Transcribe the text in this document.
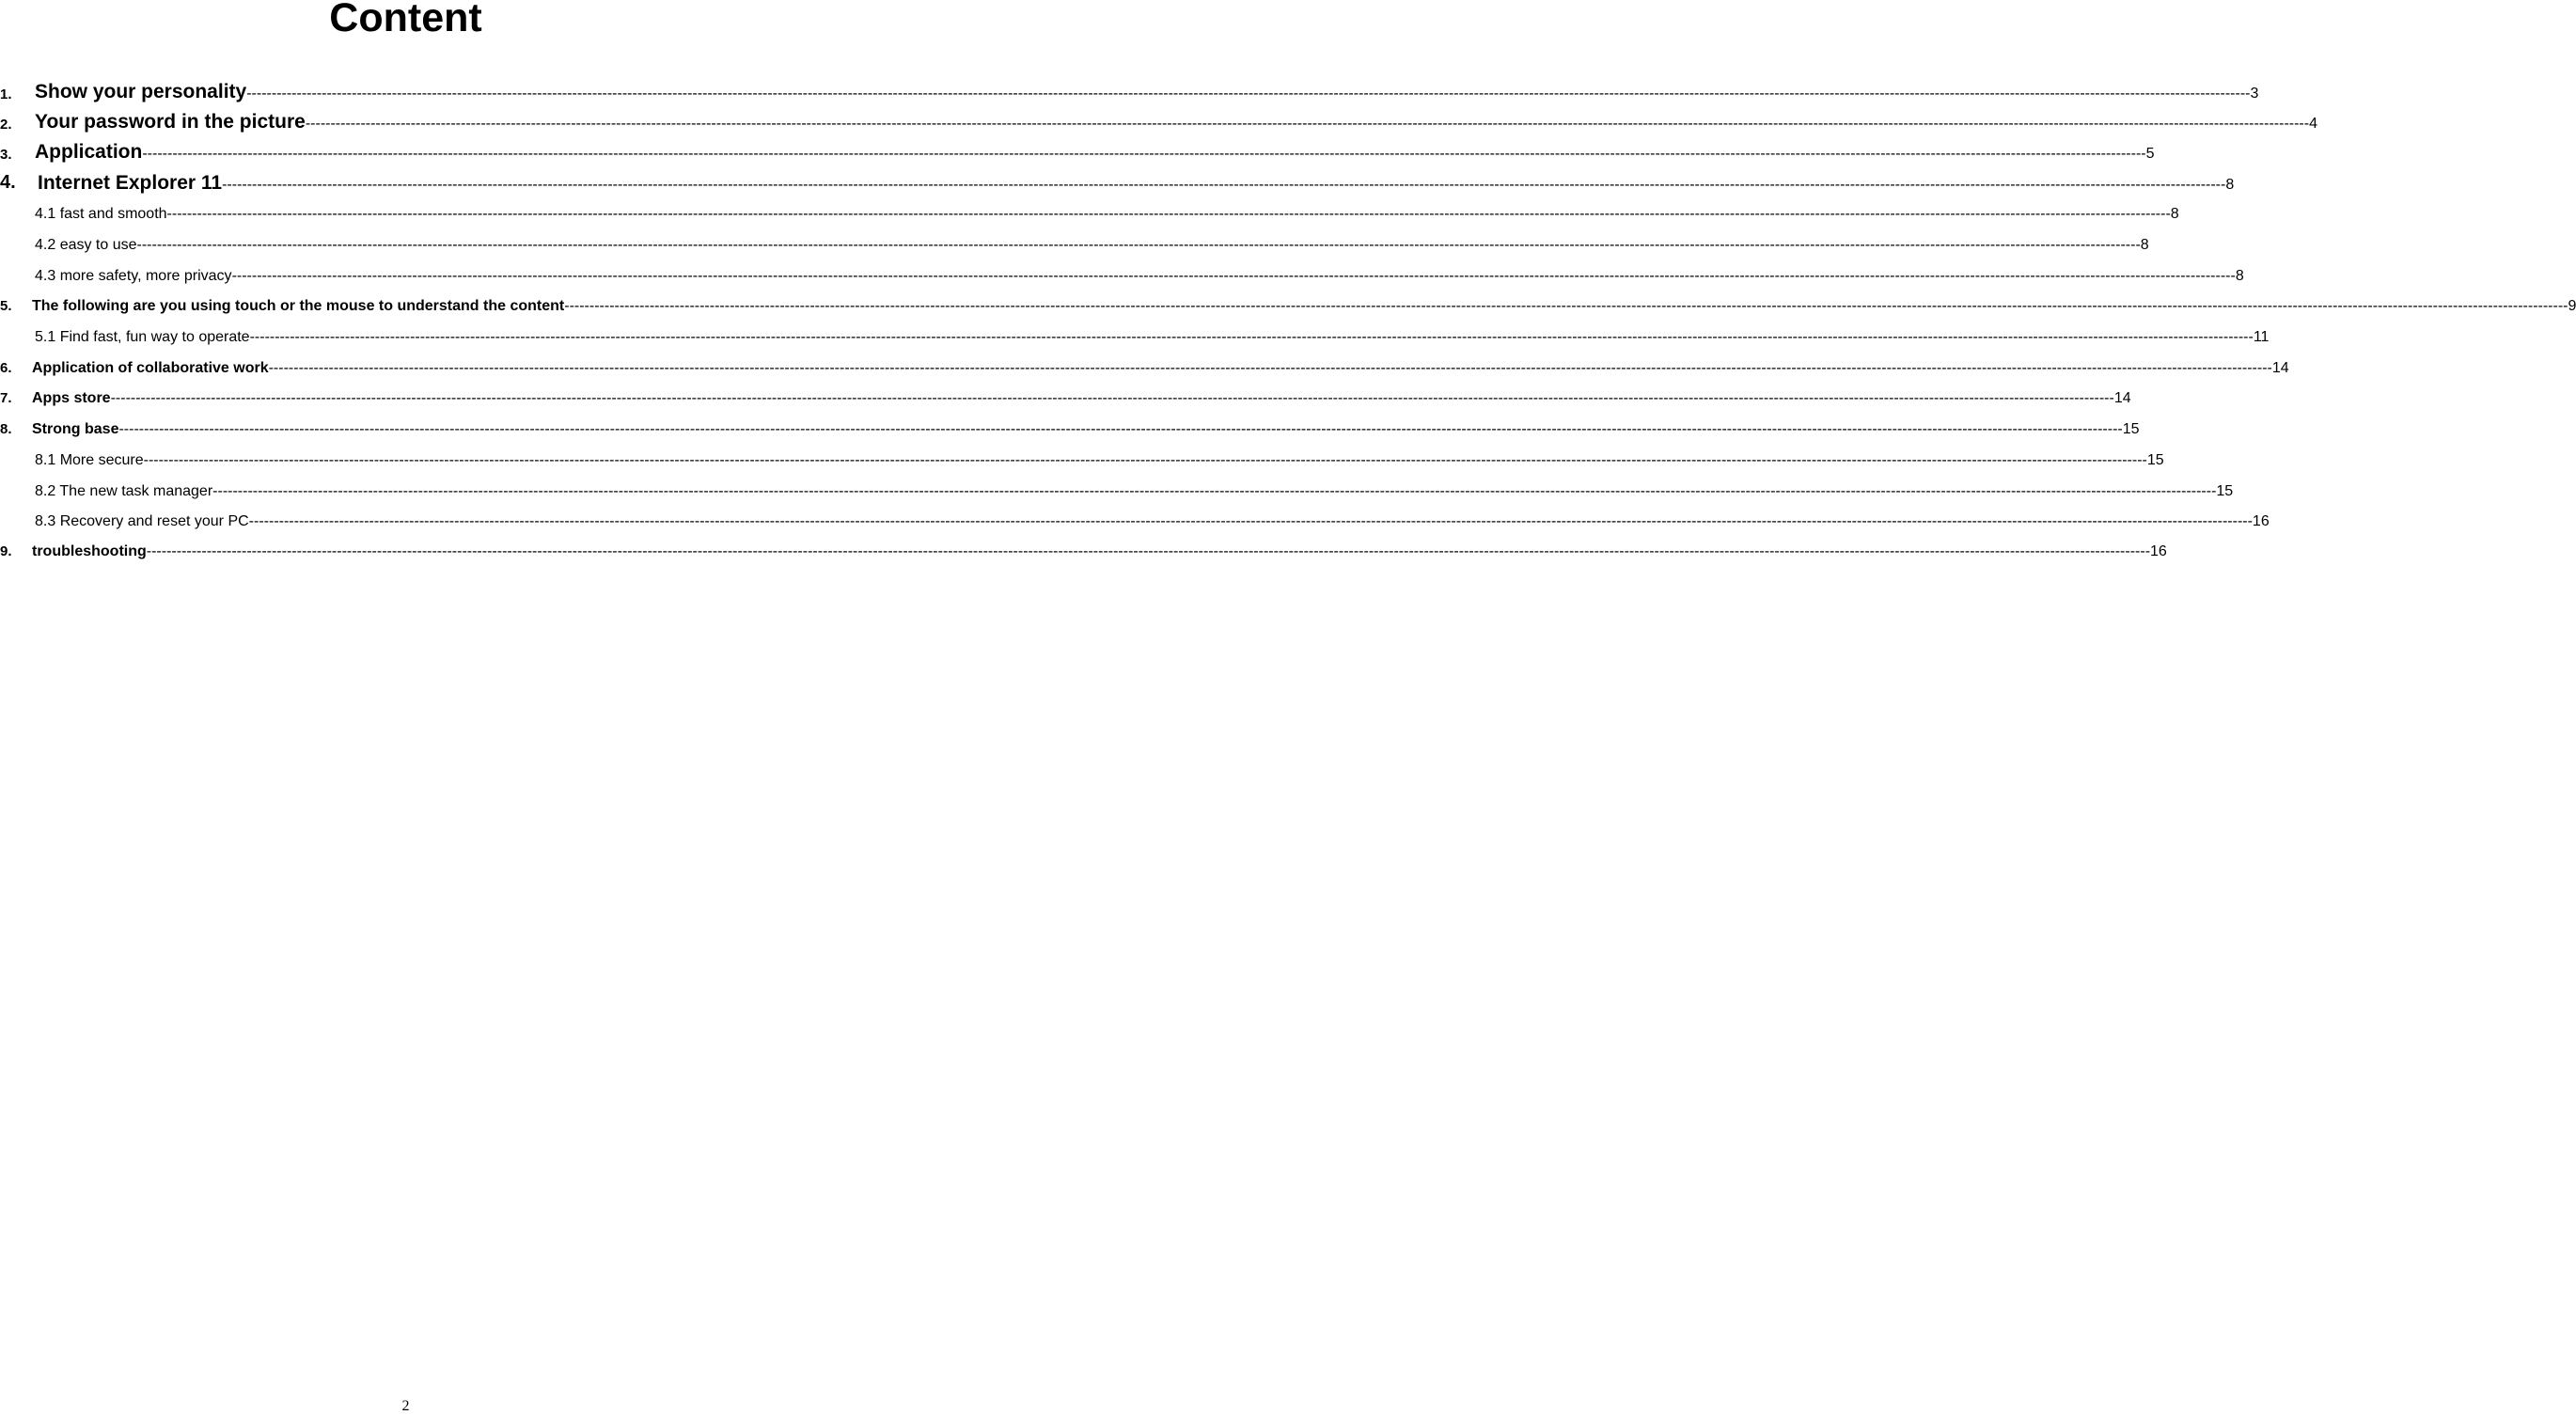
Content
1. Show your personality ---------------------------------------------------------------------------------------------------------------------------------------------------------------------------------------------------------------------------------------------------------------------------------------------------------------------------------------------------------------------------------------------------------------- 3
2. Your password in the picture ---------------------------------------------------------------------------------------------------------------------------------------------------------------------------------------------------------------------------------------------------------------------------------------------------------------------------------------------------------------------------------------------------------------- 4
3. Application ---------------------------------------------------------------------------------------------------------------------------------------------------------------------------------------------------------------------------------------------------------------------------------------------------------------------------------------------------------------------------------------------------------------- 5
4. Internet Explorer 11 ---------------------------------------------------------------------------------------------------------------------------------------------------------------------------------------------------------------------------------------------------------------------------------------------------------------------------------------------------------------------------------------------------------------- 8
4.1 fast and smooth ---------------------------------------------------------------------------------------------------------------------------------------------------------------------------------------------------------------------------------------------------------------------------------------------------------------------------------------------------------------------------------------------------------------- 8
4.2 easy to use ---------------------------------------------------------------------------------------------------------------------------------------------------------------------------------------------------------------------------------------------------------------------------------------------------------------------------------------------------------------------------------------------------------------- 8
4.3 more safety, more privacy ---------------------------------------------------------------------------------------------------------------------------------------------------------------------------------------------------------------------------------------------------------------------------------------------------------------------------------------------------------------------------------------------------------------- 8
5. The following are you using touch or the mouse to understand the content ---------------------------------------------------------------------------------------------------------------------------------------------------------------------------------------------------------------------------------------------------------------------------------------------------------------------------------------------------------------------------------------------------------------- 9
5.1 Find fast, fun way to operate ---------------------------------------------------------------------------------------------------------------------------------------------------------------------------------------------------------------------------------------------------------------------------------------------------------------------------------------------------------------------------------------------------------------- 11
6. Application of collaborative work ---------------------------------------------------------------------------------------------------------------------------------------------------------------------------------------------------------------------------------------------------------------------------------------------------------------------------------------------------------------------------------------------------------------- 14
7. Apps store ---------------------------------------------------------------------------------------------------------------------------------------------------------------------------------------------------------------------------------------------------------------------------------------------------------------------------------------------------------------------------------------------------------------- 14
8. Strong base ---------------------------------------------------------------------------------------------------------------------------------------------------------------------------------------------------------------------------------------------------------------------------------------------------------------------------------------------------------------------------------------------------------------- 15
8.1 More secure ---------------------------------------------------------------------------------------------------------------------------------------------------------------------------------------------------------------------------------------------------------------------------------------------------------------------------------------------------------------------------------------------------------------- 15
8.2 The new task manager ---------------------------------------------------------------------------------------------------------------------------------------------------------------------------------------------------------------------------------------------------------------------------------------------------------------------------------------------------------------------------------------------------------------- 15
8.3 Recovery and reset your PC ---------------------------------------------------------------------------------------------------------------------------------------------------------------------------------------------------------------------------------------------------------------------------------------------------------------------------------------------------------------------------------------------------------------- 16
9. troubleshooting ---------------------------------------------------------------------------------------------------------------------------------------------------------------------------------------------------------------------------------------------------------------------------------------------------------------------------------------------------------------------------------------------------------------- 16
2
